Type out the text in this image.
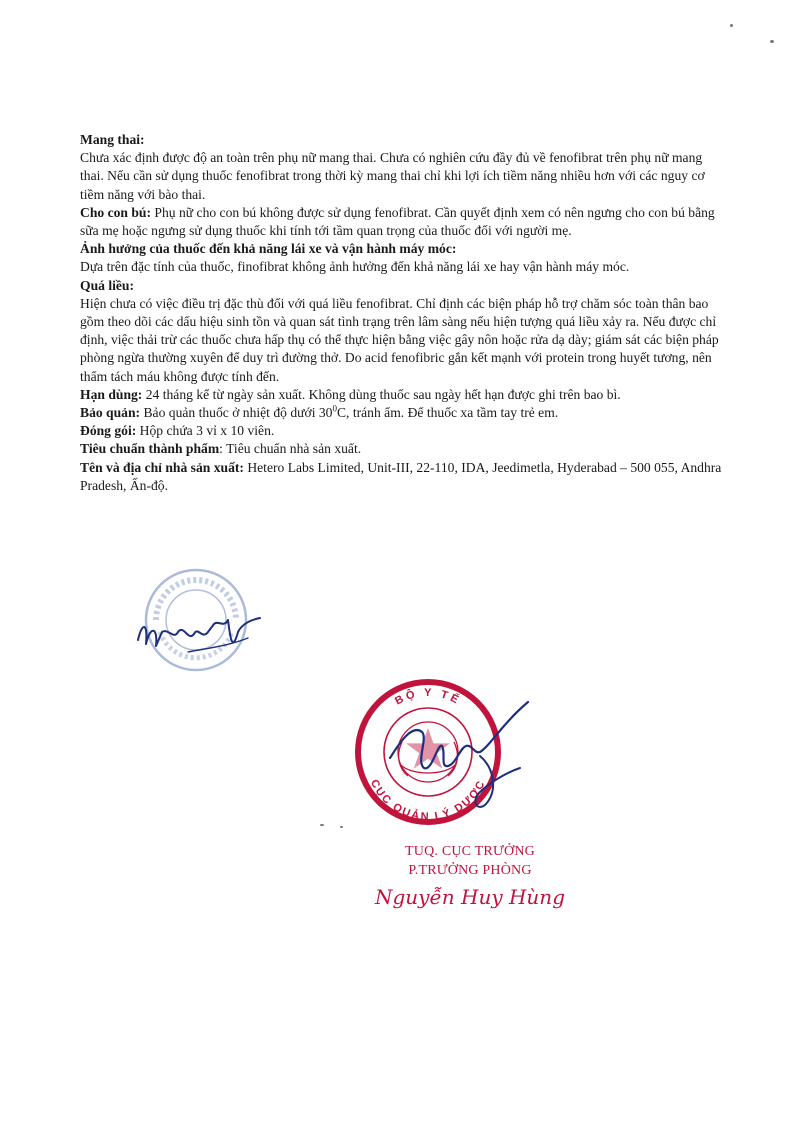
Mang thai:

Chưa xác định được độ an toàn trên phụ nữ mang thai. Chưa có nghiên cứu đầy đủ về fenofibrat trên phụ nữ mang thai. Nếu cần sử dụng thuốc fenofibrat trong thời kỳ mang thai chỉ khi lợi ích tiềm năng nhiều hơn với các nguy cơ tiềm năng với bào thai.

Cho con bú: Phụ nữ cho con bú không được sử dụng fenofibrat. Cần quyết định xem có nên ngưng cho con bú bằng sữa mẹ hoặc ngưng sử dụng thuốc khi tính tới tầm quan trọng của thuốc đối với người mẹ.

Ảnh hưởng của thuốc đến khả năng lái xe và vận hành máy móc:

Dựa trên đặc tính của thuốc, finofibrat không ảnh hưởng đến khả năng lái xe hay vận hành máy móc.

Quá liều:

Hiện chưa có việc điều trị đặc thù đối với quá liều fenofibrat. Chỉ định các biện pháp hỗ trợ chăm sóc toàn thân bao gồm theo dõi các dấu hiệu sinh tồn và quan sát tình trạng trên lâm sàng nếu hiện tượng quá liều xảy ra. Nếu được chỉ định, việc thải trừ các thuốc chưa hấp thụ có thể thực hiện bằng việc gây nôn hoặc rửa dạ dày; giám sát các biện pháp phòng ngừa thường xuyên để duy trì đường thở. Do acid fenofibric gắn kết mạnh với protein trong huyết tương, nên thẩm tách máu không được tính đến.

Hạn dùng: 24 tháng kể từ ngày sản xuất. Không dùng thuốc sau ngày hết hạn được ghi trên bao bì.

Bảo quản: Bảo quản thuốc ở nhiệt độ dưới $30^0C$, tránh ẩm. Để thuốc xa tầm tay trẻ em.

Đóng gói: Hộp chứa 3 vỉ x 10 viên.

Tiêu chuẩn thành phẩm: Tiêu chuẩn nhà sản xuất.

Tên và địa chỉ nhà sản xuất: Hetero Labs Limited, Unit-III, 22-110, IDA, Jeedimetla, Hyderabad – 500 055, Andhra Pradesh, Ấn-độ.

BỘ Y TẾ
CỤC QUẢN LÝ DƯỢC
TUQ. CỤC TRƯỞNG
P.TRƯỞNG PHÒNG
Nguyễn Huy Hùng
